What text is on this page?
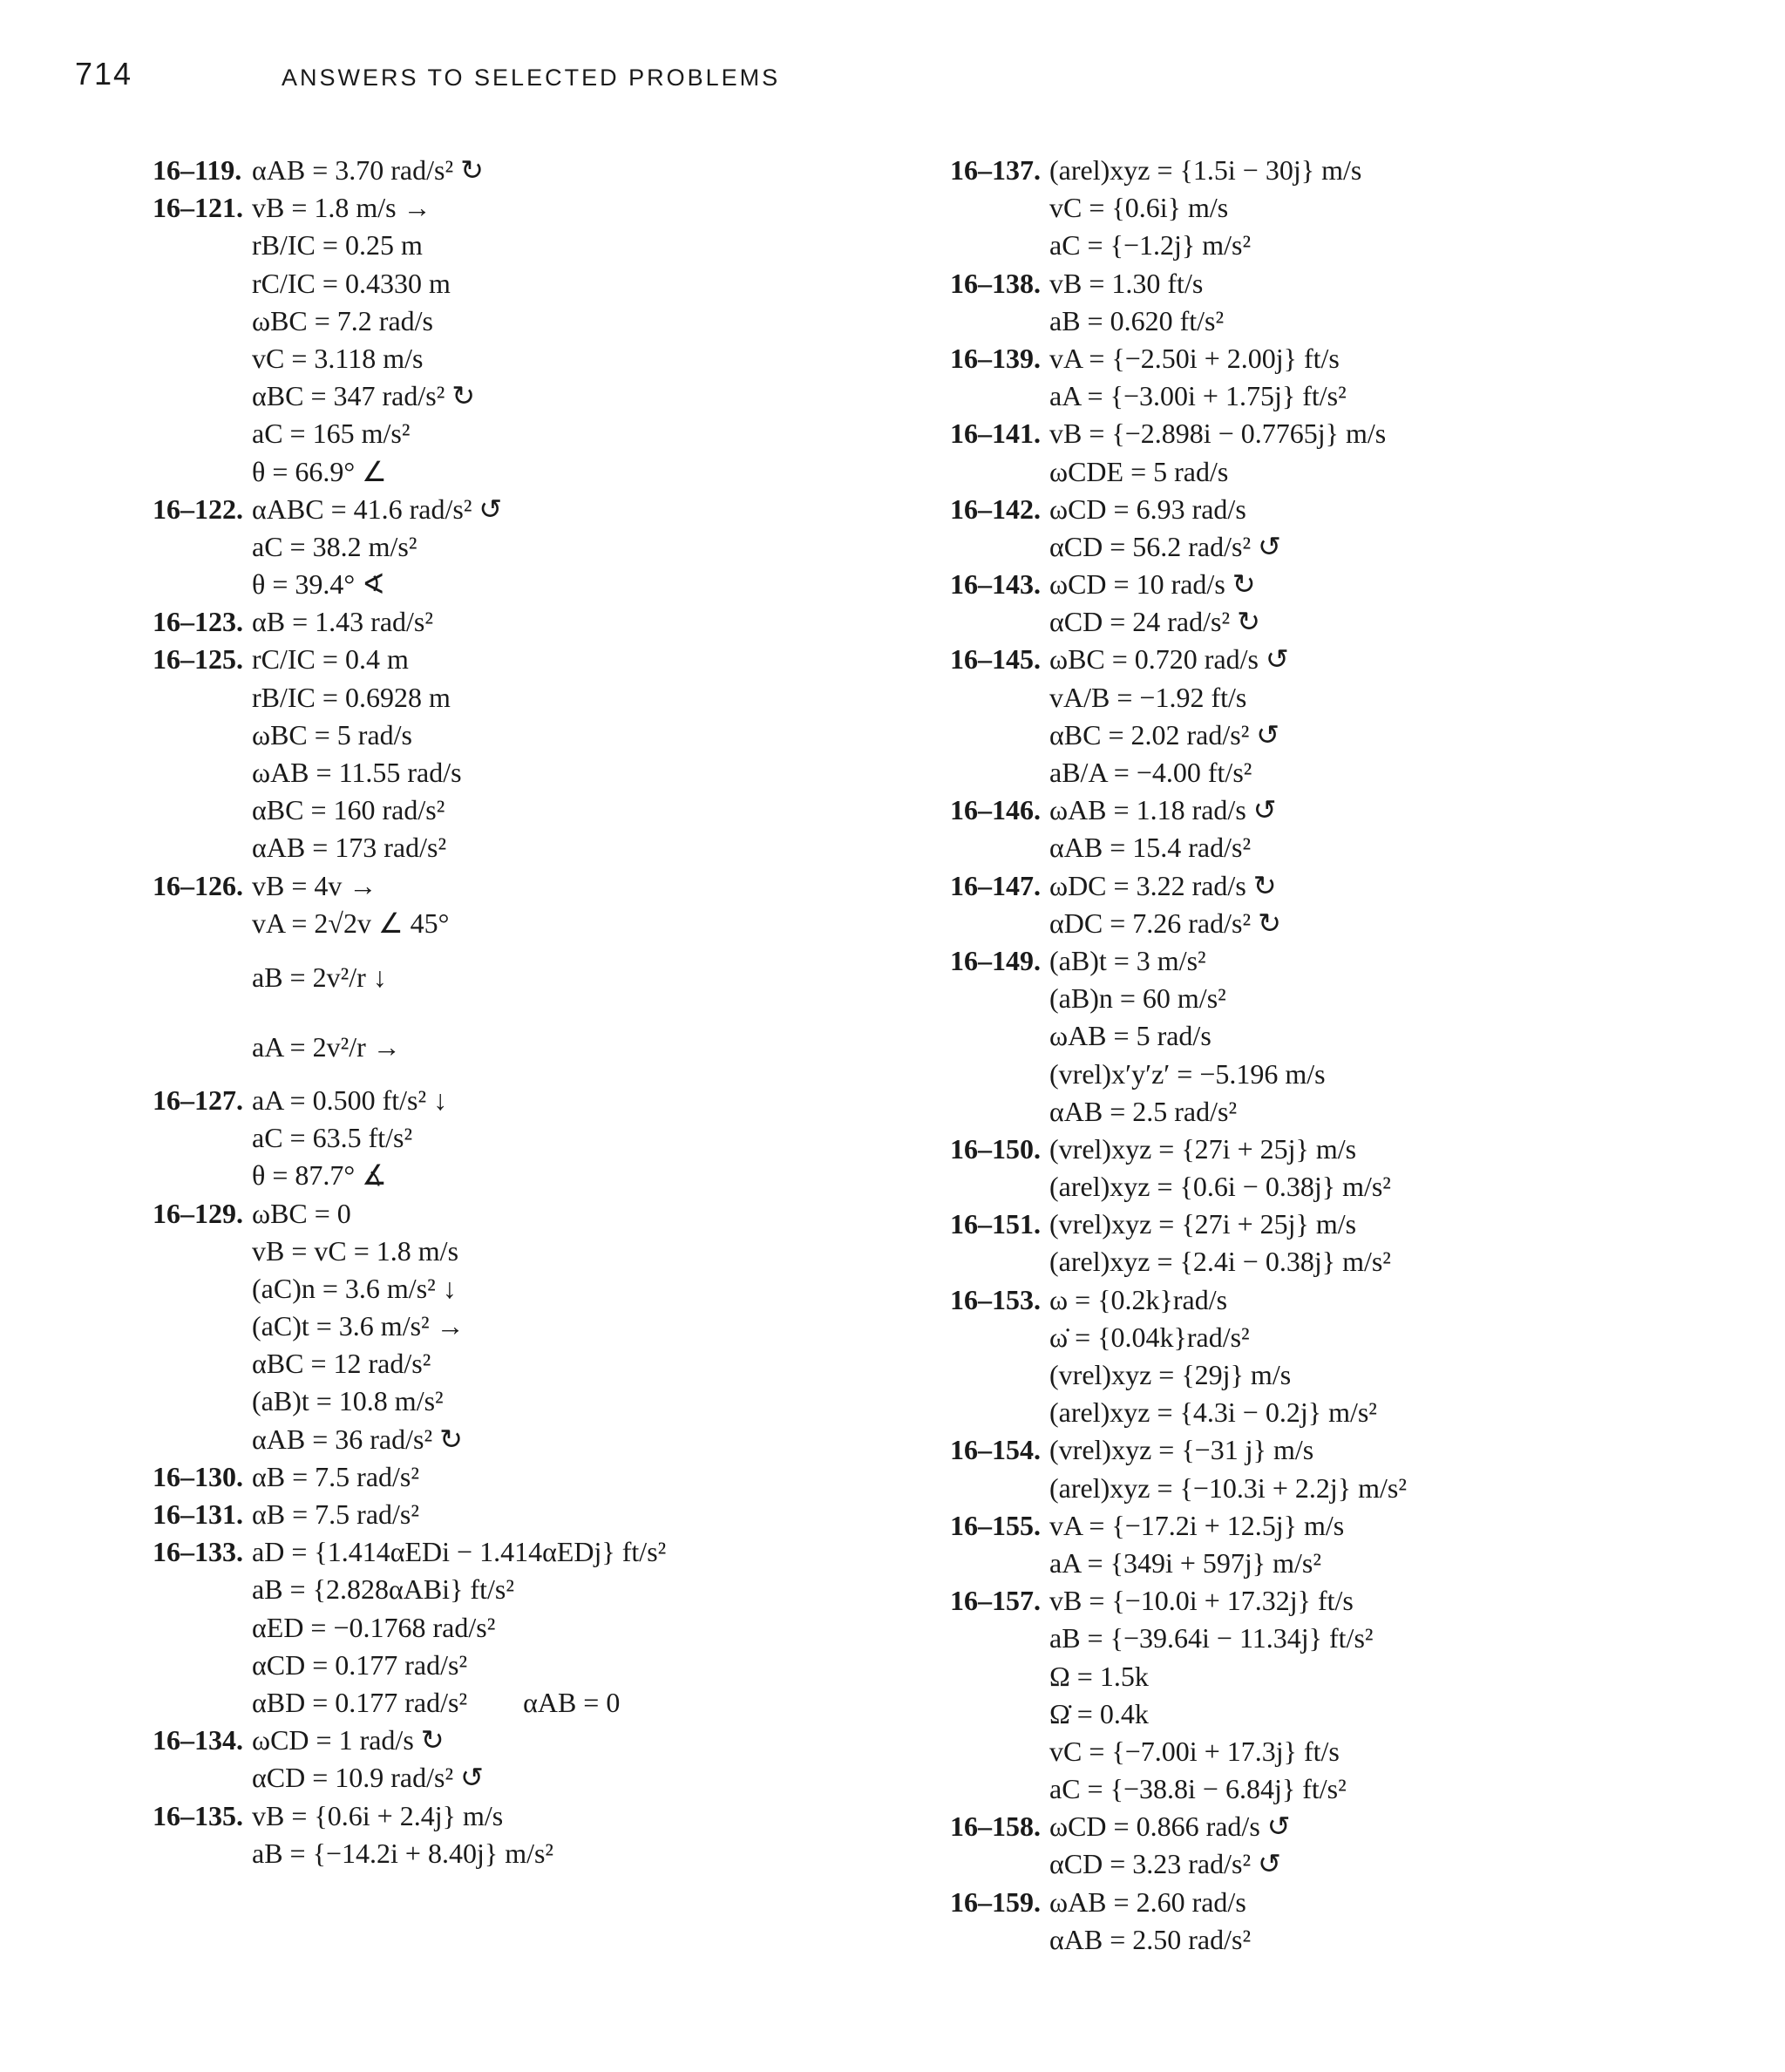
714	ANSWERS TO SELECTED PROBLEMS
16–119. αAB = 3.70 rad/s² ↻
16–121. vB = 1.8 m/s →
rB/IC = 0.25 m
rC/IC = 0.4330 m
ωBC = 7.2 rad/s
vC = 3.118 m/s
αBC = 347 rad/s² ↻
aC = 165 m/s²
θ = 66.9° ∠
16–122. αABC = 41.6 rad/s² ↺
aC = 38.2 m/s²
θ = 39.4° ∢
16–123. αB = 1.43 rad/s²
16–125. rC/IC = 0.4 m
rB/IC = 0.6928 m
ωBC = 5 rad/s
ωAB = 11.55 rad/s
αBC = 160 rad/s²
αAB = 173 rad/s²
16–126. vB = 4v →
vA = 2√2v ∠ 45°
aB = 2v²/r ↓
aA = 2v²/r →
16–127. aA = 0.500 ft/s² ↓
aC = 63.5 ft/s²
θ = 87.7° ∡
16–129. ωBC = 0
vB = vC = 1.8 m/s
(aC)n = 3.6 m/s² ↓
(aC)t = 3.6 m/s² →
αBC = 12 rad/s²
(aB)t = 10.8 m/s²
αAB = 36 rad/s² ↻
16–130. αB = 7.5 rad/s²
16–131. αB = 7.5 rad/s²
16–133. aD = {1.414αEDi − 1.414αEDj} ft/s²
aB = {2.828αABi} ft/s²
αED = −0.1768 rad/s²
αCD = 0.177 rad/s²
αBD = 0.177 rad/s² αAB = 0
16–134. ωCD = 1 rad/s ↻
αCD = 10.9 rad/s² ↺
16–135. vB = {0.6i + 2.4j} m/s
aB = {−14.2i + 8.40j} m/s²
16–137. (arel)xyz = {1.5i − 30j} m/s
vC = {0.6i} m/s
aC = {−1.2j} m/s²
16–138. vB = 1.30 ft/s
aB = 0.620 ft/s²
16–139. vA = {−2.50i + 2.00j} ft/s
aA = {−3.00i + 1.75j} ft/s²
16–141. vB = {−2.898i − 0.7765j} m/s
ωCDE = 5 rad/s
16–142. ωCD = 6.93 rad/s
αCD = 56.2 rad/s² ↺
16–143. ωCD = 10 rad/s ↻
αCD = 24 rad/s² ↻
16–145. ωBC = 0.720 rad/s ↺
vA/B = −1.92 ft/s
αBC = 2.02 rad/s² ↺
aB/A = −4.00 ft/s²
16–146. ωAB = 1.18 rad/s ↺
αAB = 15.4 rad/s²
16–147. ωDC = 3.22 rad/s ↻
αDC = 7.26 rad/s² ↻
16–149. (aB)t = 3 m/s²
(aB)n = 60 m/s²
ωAB = 5 rad/s
(vrel)x′y′z′ = −5.196 m/s
αAB = 2.5 rad/s²
16–150. (vrel)xyz = {27i + 25j} m/s
(arel)xyz = {0.6i − 0.38j} m/s²
16–151. (vrel)xyz = {27i + 25j} m/s
(arel)xyz = {2.4i − 0.38j} m/s²
16–153. ω = {0.2k}rad/s
ω̇ = {0.04k}rad/s²
(vrel)xyz = {29j} m/s
(arel)xyz = {4.3i − 0.2j} m/s²
16–154. (vrel)xyz = {−31 j} m/s
(arel)xyz = {−10.3i + 2.2j} m/s²
16–155. vA = {−17.2i + 12.5j} m/s
aA = {349i + 597j} m/s²
16–157. vB = {−10.0i + 17.32j} ft/s
aB = {−39.64i − 11.34j} ft/s²
Ω = 1.5k
Ω̇ = 0.4k
vC = {−7.00i + 17.3j} ft/s
aC = {−38.8i − 6.84j} ft/s²
16–158. ωCD = 0.866 rad/s ↺
αCD = 3.23 rad/s² ↺
16–159. ωAB = 2.60 rad/s
αAB = 2.50 rad/s²
